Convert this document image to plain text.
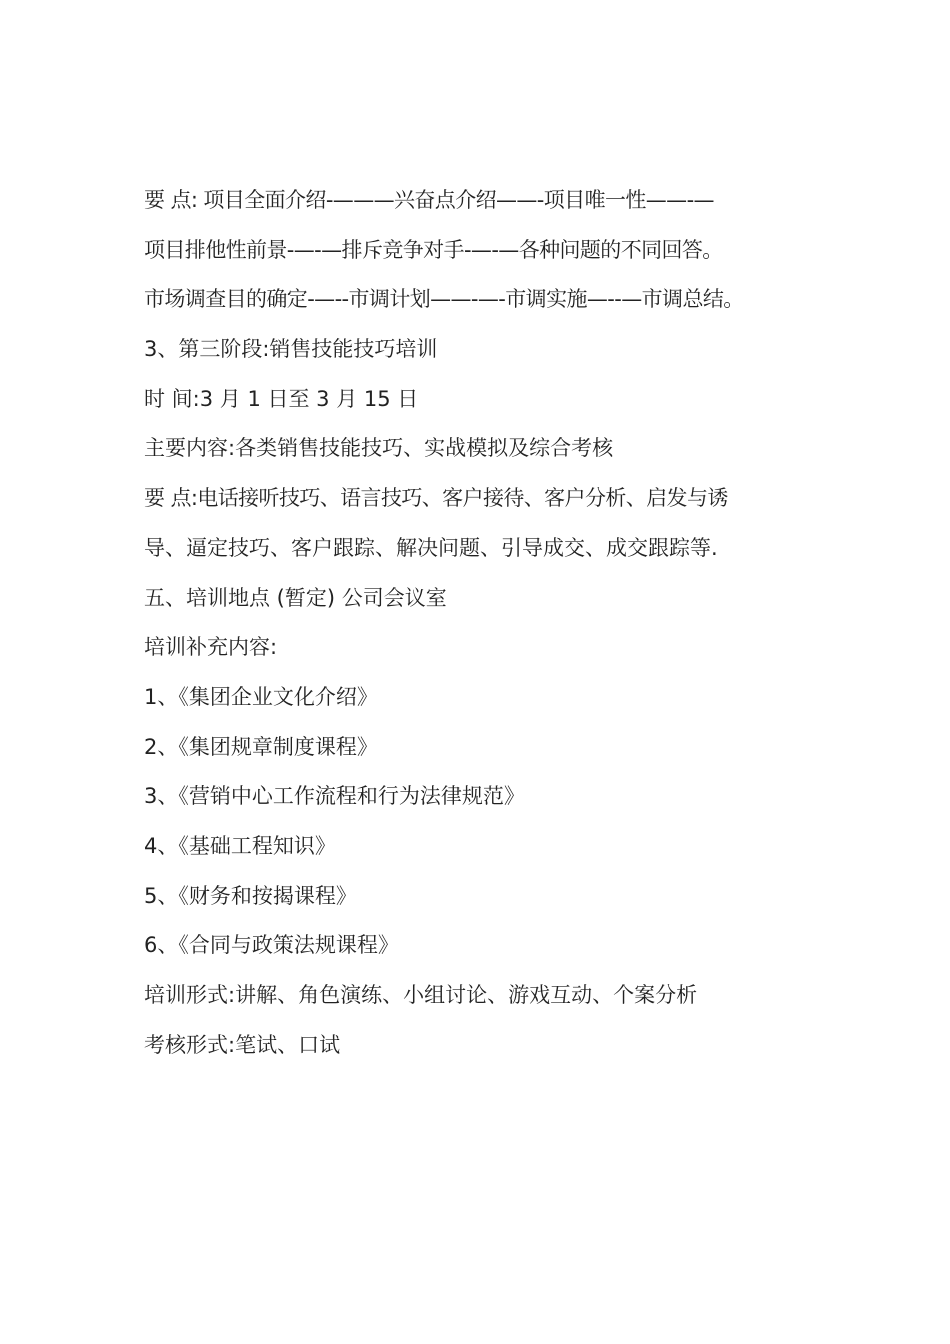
要 点: 项目全面介绍-———兴奋点介绍——-项目唯一性——-—
项目排他性前景-—-—排斥竞争对手-—-—各种问题的不同回答。
市场调查目的确定-—--市调计划——-—-市调实施—--—市调总结。
3、第三阶段:销售技能技巧培训
时 间:3 月 1 日至 3 月 15 日
主要内容:各类销售技能技巧、实战模拟及综合考核
要 点:电话接听技巧、语言技巧、客户接待、客户分析、启发与诱
导、逼定技巧、客户跟踪、解决问题、引导成交、成交跟踪等.
五、培训地点 (暂定) 公司会议室
培训补充内容:
1、《集团企业文化介绍》
2、《集团规章制度课程》
3、《营销中心工作流程和行为法律规范》
4、《基础工程知识》
5、《财务和按揭课程》
6、《合同与政策法规课程》
培训形式:讲解、角色演练、小组讨论、游戏互动、个案分析
考核形式:笔试、口试
